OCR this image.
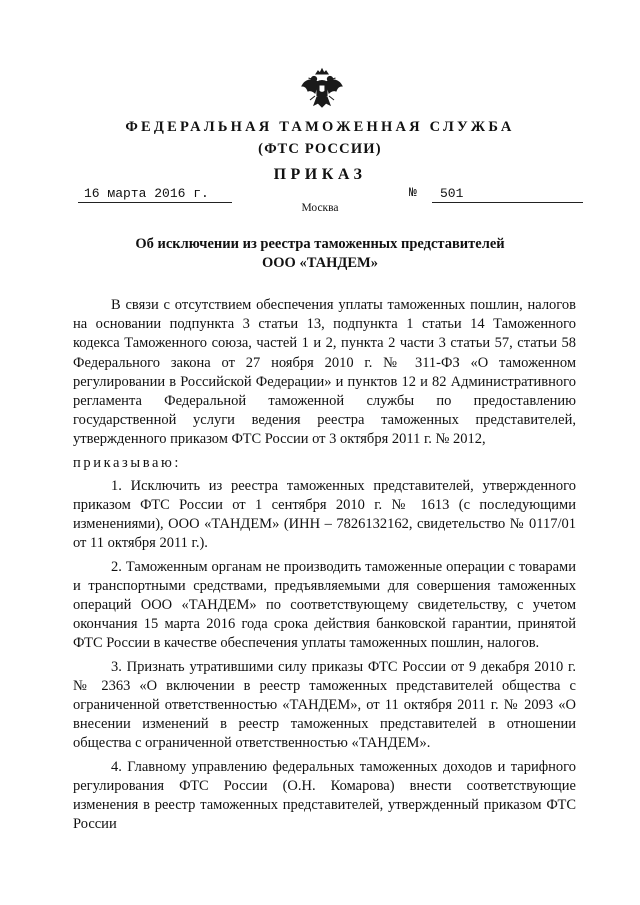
ФЕДЕРАЛЬНАЯ ТАМОЖЕННАЯ СЛУЖБА
(ФТС РОССИИ)
ПРИКАЗ
16 марта 2016 г.	№	501
Москва
Об исключении из реестра таможенных представителей
ООО «ТАНДЕМ»

В связи с отсутствием обеспечения уплаты таможенных пошлин, налогов на основании подпункта 3 статьи 13, подпункта 1 статьи 14 Таможенного кодекса Таможенного союза, частей 1 и 2, пункта 2 части 3 статьи 57, статьи 58 Федерального закона от 27 ноября 2010 г. № 311-ФЗ «О таможенном регулировании в Российской Федерации» и пунктов 12 и 82 Административного регламента Федеральной таможенной службы по предоставлению государственной услуги ведения реестра таможенных представителей, утвержденного приказом ФТС России от 3 октября 2011 г. № 2012,

приказываю:

1. Исключить из реестра таможенных представителей, утвержденного приказом ФТС России от 1 сентября 2010 г. № 1613 (с последующими изменениями), ООО «ТАНДЕМ» (ИНН – 7826132162, свидетельство № 0117/01 от 11 октября 2011 г.).

2. Таможенным органам не производить таможенные операции с товарами и транспортными средствами, предъявляемыми для совершения таможенных операций ООО «ТАНДЕМ» по соответствующему свидетельству, с учетом окончания 15 марта 2016 года срока действия банковской гарантии, принятой ФТС России в качестве обеспечения уплаты таможенных пошлин, налогов.

3. Признать утратившими силу приказы ФТС России от 9 декабря 2010 г. № 2363 «О включении в реестр таможенных представителей общества с ограниченной ответственностью «ТАНДЕМ», от 11 октября 2011 г. № 2093 «О внесении изменений в реестр таможенных представителей в отношении общества с ограниченной ответственностью «ТАНДЕМ».

4. Главному управлению федеральных таможенных доходов и тарифного регулирования ФТС России (О.Н. Комарова) внести соответствующие изменения в реестр таможенных представителей, утвержденный приказом ФТС России
